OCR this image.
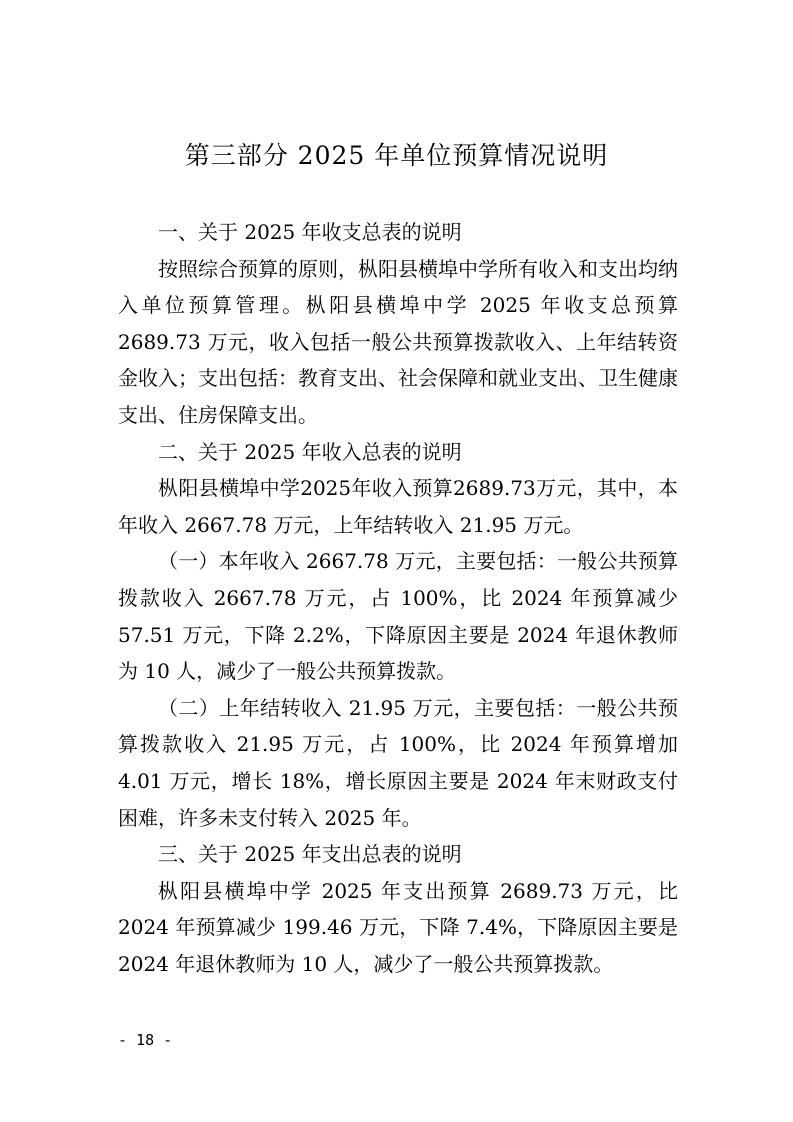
第三部分 2025 年单位预算情况说明

一、关于 2025 年收支总表的说明

按照综合预算的原则，枞阳县横埠中学所有收入和支出均纳入单位预算管理。枞阳县横埠中学 2025 年收支总预算 2689.73 万元，收入包括一般公共预算拨款收入、上年结转资金收入；支出包括：教育支出、社会保障和就业支出、卫生健康支出、住房保障支出。

二、关于 2025 年收入总表的说明

枞阳县横埠中学2025年收入预算2689.73万元，其中，本年收入 2667.78 万元，上年结转收入 21.95 万元。

（一）本年收入 2667.78 万元，主要包括：一般公共预算拨款收入 2667.78 万元，占 100%，比 2024 年预算减少 57.51 万元，下降 2.2%，下降原因主要是 2024 年退休教师为 10 人，减少了一般公共预算拨款。

（二）上年结转收入 21.95 万元，主要包括：一般公共预算拨款收入 21.95 万元，占 100%，比 2024 年预算增加 4.01 万元，增长 18%，增长原因主要是 2024 年末财政支付困难，许多未支付转入 2025 年。

三、关于 2025 年支出总表的说明

枞阳县横埠中学 2025 年支出预算 2689.73 万元，比 2024 年预算减少 199.46 万元，下降 7.4%，下降原因主要是 2024 年退休教师为 10 人，减少了一般公共预算拨款。

- 18 -
